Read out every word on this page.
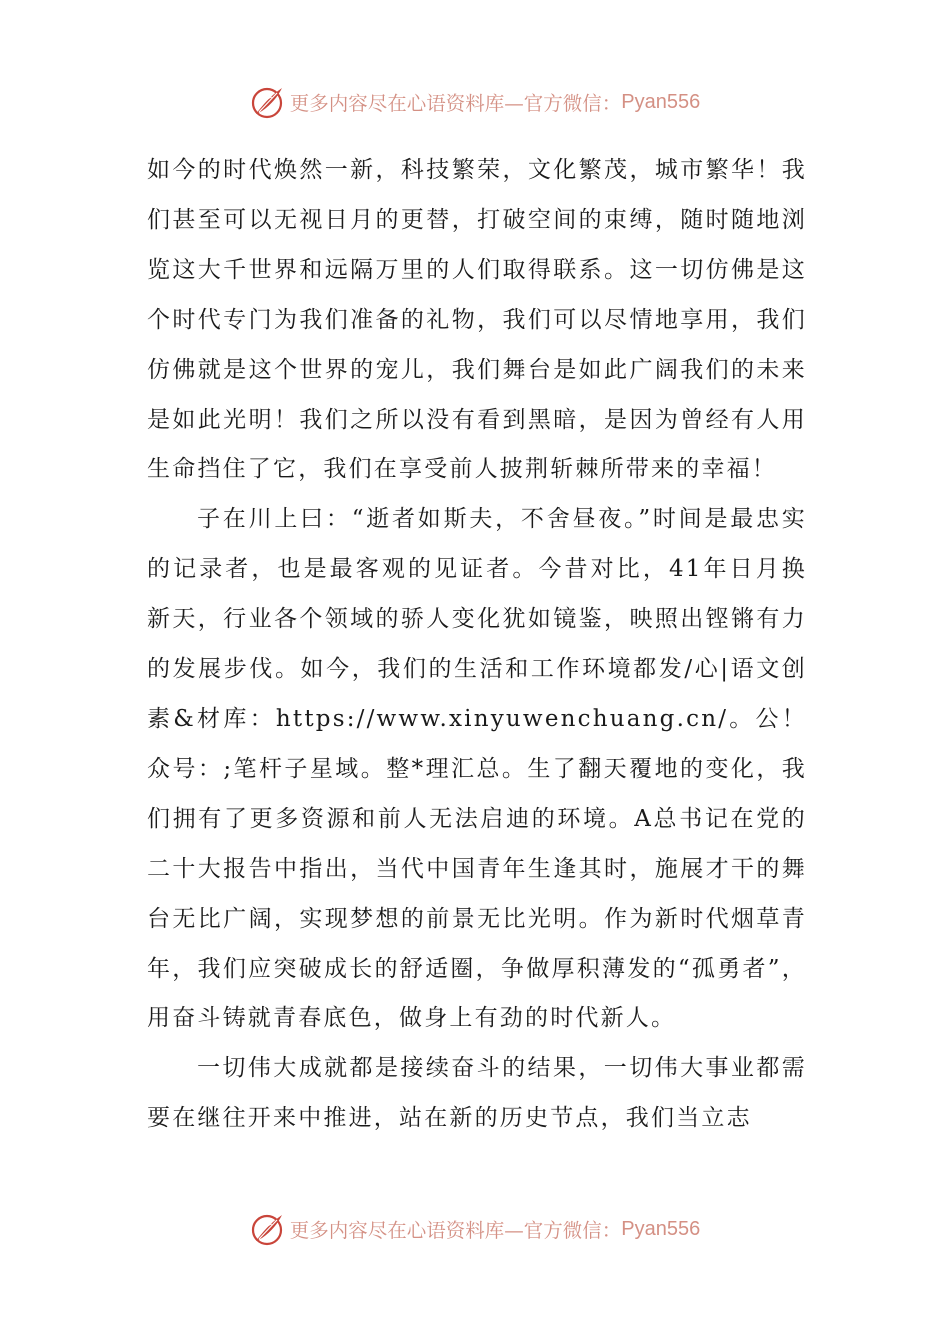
更多内容尽在心语资料库—官方微信： Pyan556

如今的时代焕然一新，科技繁荣，文化繁茂，城市繁华！我们甚至可以无视日月的更替，打破空间的束缚，随时随地浏览这大千世界和远隔万里的人们取得联系。这一切仿佛是这个时代专门为我们准备的礼物，我们可以尽情地享用，我们仿佛就是这个世界的宠儿，我们舞台是如此广阔我们的未来是如此光明！我们之所以没有看到黑暗，是因为曾经有人用生命挡住了它，我们在享受前人披荆斩棘所带来的幸福！

子在川上曰：“逝者如斯夫，不舍昼夜。”时间是最忠实的记录者，也是最客观的见证者。今昔对比，41年日月换新天，行业各个领域的骄人变化犹如镜鉴，映照出铿锵有力的发展步伐。如今，我们的生活和工作环境都发/心|语文创素&材库：https://www.xinyuwenchuang.cn/。公！众号：;笔杆子星域。整*理汇总。生了翻天覆地的变化，我们拥有了更多资源和前人无法启迪的环境。A总书记在党的二十大报告中指出，当代中国青年生逢其时，施展才干的舞台无比广阔，实现梦想的前景无比光明。作为新时代烟草青年，我们应突破成长的舒适圈，争做厚积薄发的“孤勇者”，用奋斗铸就青春底色，做身上有劲的时代新人。

一切伟大成就都是接续奋斗的结果，一切伟大事业都需要在继往开来中推进，站在新的历史节点，我们当立志

更多内容尽在心语资料库—官方微信： Pyan556
